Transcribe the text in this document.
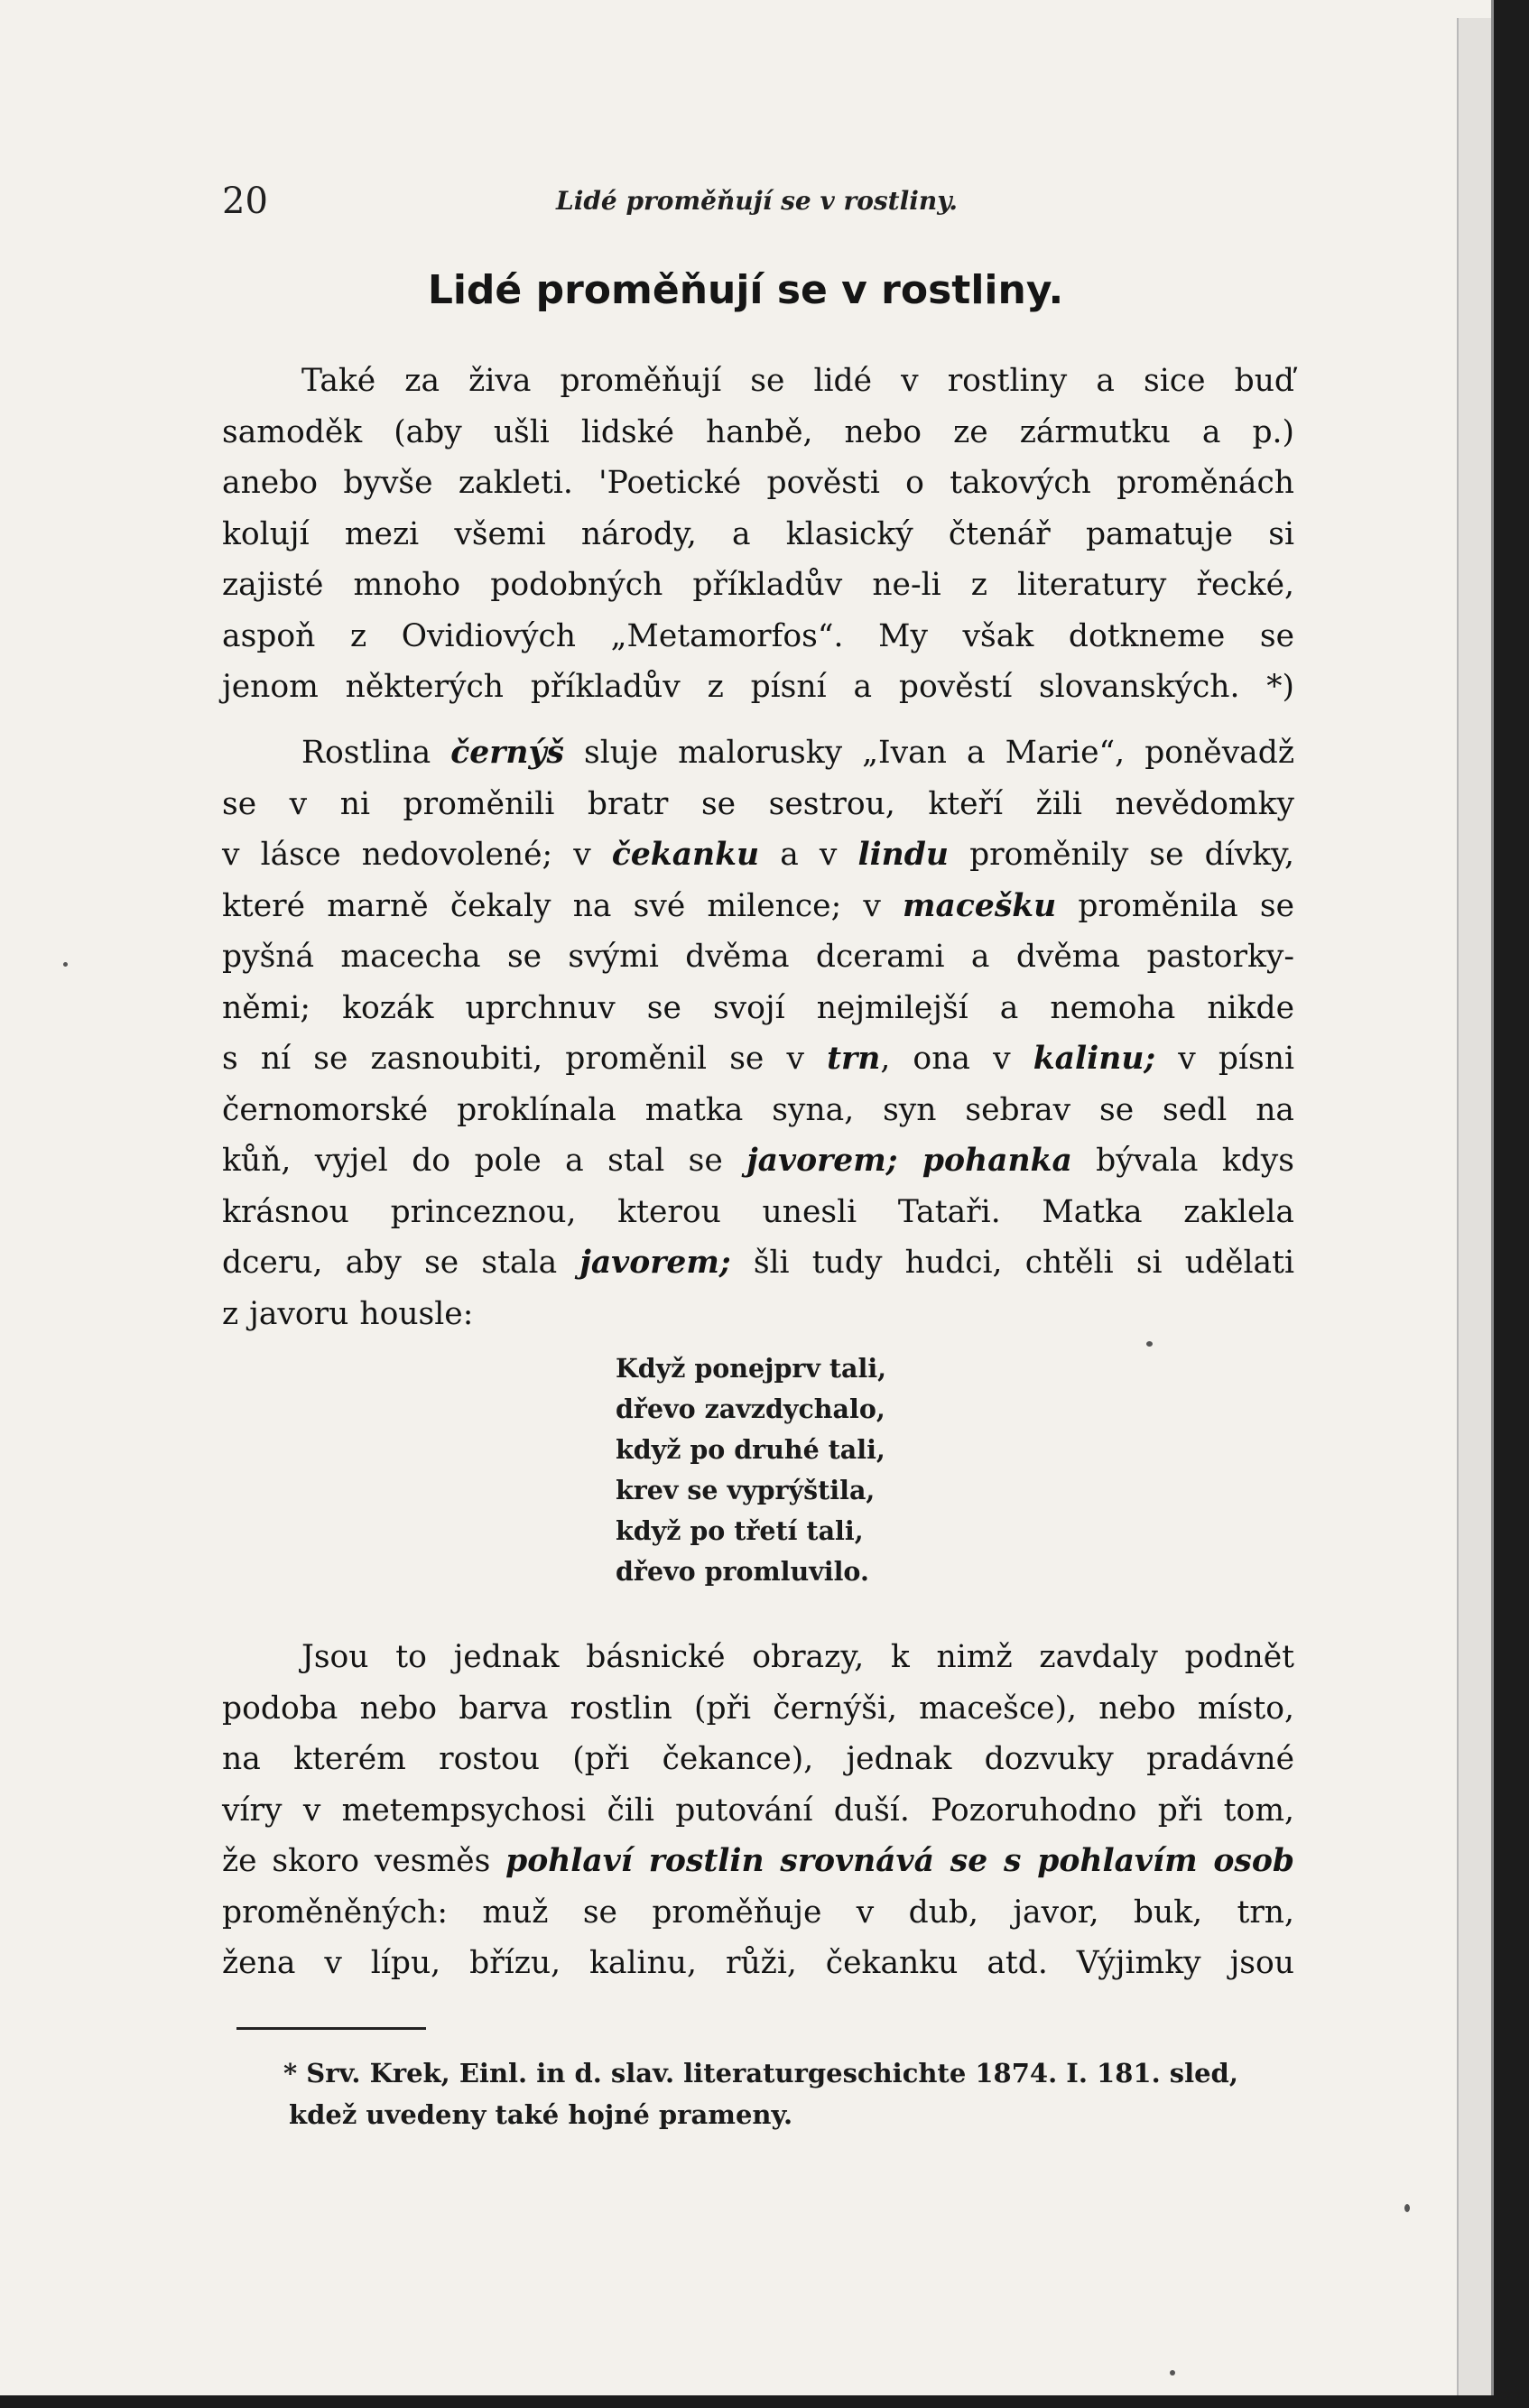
20	Lidé proměňují se v rostliny.
Lidé proměňují se v rostliny.
Také za živa proměňují se lidé v rostliny a sice buď
samoděk (aby ušli lidské hanbě, nebo ze zármutku a p.)
anebo byvše zakleti. 'Poetické pověsti o takových proměnách
kolují mezi všemi národy, a klasický čtenář pamatuje si
zajisté mnoho podobných příkladův ne-li z literatury řecké,
aspoň z Ovidiových „Metamorfos“. My však dotkneme se
jenom některých příkladův z písní a pověstí slovanských. *)
Rostlina černýš sluje malorusky „Ivan a Marie“, poněvadž
se v ni proměnili bratr se sestrou, kteří žili nevědomky
v lásce nedovolené; v čekanku a v lindu proměnily se dívky,
které marně čekaly na své milence; v macešku proměnila se
pyšná macecha se svými dvěma dcerami a dvěma pastorky-
němi; kozák uprchnuv se svojí nejmilejší a nemoha nikde
s ní se zasnoubiti, proměnil se v trn, ona v kalinu; v písni
černomorské proklínala matka syna, syn sebrav se sedl na
kůň, vyjel do pole a stal se javorem; pohanka bývala kdys
krásnou princeznou, kterou unesli Tataři. Matka zaklela
dceru, aby se stala javorem; šli tudy hudci, chtěli si udělati
z javoru housle:
Když ponejprv tali,
dřevo zavzdychalo,
když po druhé tali,
krev se vyprýštila,
když po třetí tali,
dřevo promluvilo.
Jsou to jednak básnické obrazy, k nimž zavdaly podnět
podoba nebo barva rostlin (při černýši, macešce), nebo místo,
na kterém rostou (při čekance), jednak dozvuky pradávné
víry v metempsychosi čili putování duší. Pozoruhodno při tom,
že skoro vesměs pohlaví rostlin srovnává se s pohlavím osob
proměněných: muž se proměňuje v dub, javor, buk, trn,
žena v lípu, břízu, kalinu, růži, čekanku atd. Výjimky jsou
* Srv. Krek, Einl. in d. slav. literaturgeschichte 1874. I. 181. sled,
kdež uvedeny také hojné prameny.
